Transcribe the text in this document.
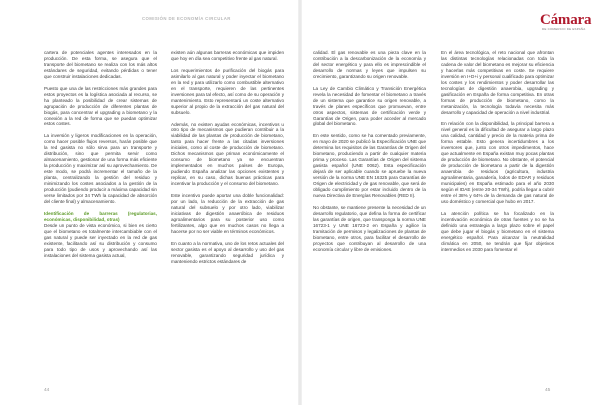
COMISIÓN DE ECONOMÍA CIRCULAR	Cámara
DE COMERCIO DE ESPAÑA

cartera de potenciales agentes interesados en la producción. De esta forma, se asegura que el transporte del biometano se realiza con los más altos estándares de seguridad, evitando pérdidas o tener que construir instalaciones dedicadas.

Puesto que una de las restricciones más grandes para estos proyectos es la logística asociada al recurso, se ha planteado la posibilidad de crear sistemas de agrupación de producción de diferentes plantas de biogás, para concentrar el upgrading a biometano y la conexión a la red de forma que se puedan optimizar estos costes.

La inversión y ligeros modificaciones en la operación, como hacer posible flujos reversos, harán posible que la red gasista no sólo sirva para un transporte y distribución, sino que permita servir como almacenamiento, gestionar de una forma más eficiente la producción y maximizar así su aprovechamiento. De este modo, se podrá incrementar el tamaño de la planta, centralizando la gestión del residuo y minimizando los costes asociados a la gestión de la producción (pudiendo producir a máxima capacidad sin verse limitados por 34 TWh la capacidad de absorción del cliente final) y almacenamiento.

Identificación de barreras (regulatorias, económicas, disponibilidad, otras)

Desde un punto de vista económico, si bien es cierto que el biometano es totalmente intercambiable con el gas natural y puede ser inyectado en la red de gas existente, facilitando así su distribución y consumo para todo tipo de usos y aprovechando así las instalaciones del sistema gasista actual,

existen aún algunas barreras económicas que impiden que hoy en día sea competitivo frente al gas natural.

Los requerimientos de purificación del biogás para asimilarlo al gas natural y poder inyectar el biometano en la red y para utilizarlo como combustible alternativo en el transporte, requieren de las pertinentes inversiones para tal efecto, así como de su operación y mantenimiento. Esto representará un coste alternativo superior al propio de la extracción del gas natural del subsuelo.

Además, no existen ayudas económicas, incentivos u otro tipo de mecanismos que pudieran contribuir a la viabilidad de las plantas de producción de biometano, tanto para hacer frente a las citadas inversiones iniciales, como al coste de producción de biometano. Dichos mecanismos que priman económicamente el consumo de biometano ya se encuentran implementados en muchos países de Europa, pudiendo España analizar las opciones existentes y replicar, en su caso, dichas buenas prácticas para incentivar la producción y el consumo del biometano.

Este incentivo puede aportar una doble funcionalidad: por un lado, la reducción de la extracción de gas natural del subsuelo y por otro lado, viabilizar iniciativas de digestión anaeróbica de residuos agroalimentarios para su posterior uso como fertilizantes, algo que en muchos casos no llega a hacerse por no ser viable en términos económicos.

En cuanto a la normativa, uno de los retos actuales del sector gasista es el apoyo al desarrollo y uso del gas renovable, garantizando seguridad jurídica y manteniendo estrictos estándares de

calidad. El gas renovable es una pieza clave en la contribución a la descarbonización de la economía y del sector energético y para ello es imprescindible el desarrollo de normas y leyes que impulsen su crecimiento, garantizando su origen renovable.

La Ley de Cambio Climático y Transición Energética revela la necesidad de fomentar el biometano a través de un sistema que garantice su origen renovable, a través de planes específicos que promuevan, entre otros aspectos, sistemas de certificación verde y Garantías de Origen, para poder acceder al mercado global del biometano.

En este sentido, como se ha comentado previamente, en mayo de 2020 se publicó la Especificación UNE que determina los requisitos de las Garantías de Origen del biometano, produciendo a partir de cualquier materia prima y proceso. Las Garantías de Origen del sistema gasista español (UNE 0062). Esta especificación dejará de ser aplicable cuando se apruebe la nueva versión de la norma UNE EN 16325 para Garantías de Origen de electricidad y de gas renovable, que será de obligado cumplimiento por estar incluido dentro de la nueva Directiva de Energías Renovables (RED II).

No obstante, se mantiene presente la necesidad de un desarrollo regulatorio, que defina la forma de certificar las garantías de origen, que transponga la norma UNE 16723-1 y UNE 16723-2 en España y agilice la tramitación de permisos y legalizaciones de plantas de biometano, entre otros, para facilitar el desarrollo de proyectos que contribuyan al desarrollo de una economía circular y libre de emisiones.

En el área tecnológica, el reto nacional que afrontan las distintas tecnologías relacionadas con toda la cadena de valor del biometano es mejorar su eficiencia y hacerlas más competitivas en coste. Se requiere inversión en I+D+i y personal cualificado para optimizar los costes y los rendimientos y poder desarrollar las tecnologías de digestión anaerobia, upgrading y gasificación en España de forma competitiva. En otras formas de producción de biometano, como la metanización, la tecnología todavía necesita más desarrollo y capacidad de operación a nivel industrial.

En relación con la disponibilidad, la principal barrera a nivel general es la dificultad de asegurar a largo plazo una calidad, cantidad y precio de la materia prima de forma estable. Esto genera incertidumbres a los inversores que, junto con otros impedimentos, hace que actualmente en España existan muy pocas plantas de producción de biometano. No obstante, el potencial de producción de biometano a partir de la digestión anaerobia de residuos (agricultura, industria agroalimentaria, ganadería, lodos de EDAR y residuos municipales) en España estimado para el año 2030 según el IDAE (entre 20-34 TWh), podría llegar a cubrir entre el 38% y 64% de la demanda de gas natural de uso doméstico y comercial que hubo en 2017.

La atención política se ha focalizado en la incentivación económica de otras fuentes y no se ha definido una estrategia a largo plazo sobre el papel que debe jugar el biogás y biometano en el sistema energético español. Para alcanzar la neutralidad climática en 2050, se tendrán que fijar objetivos intermedios en 2030 para fomentar el

44	45
